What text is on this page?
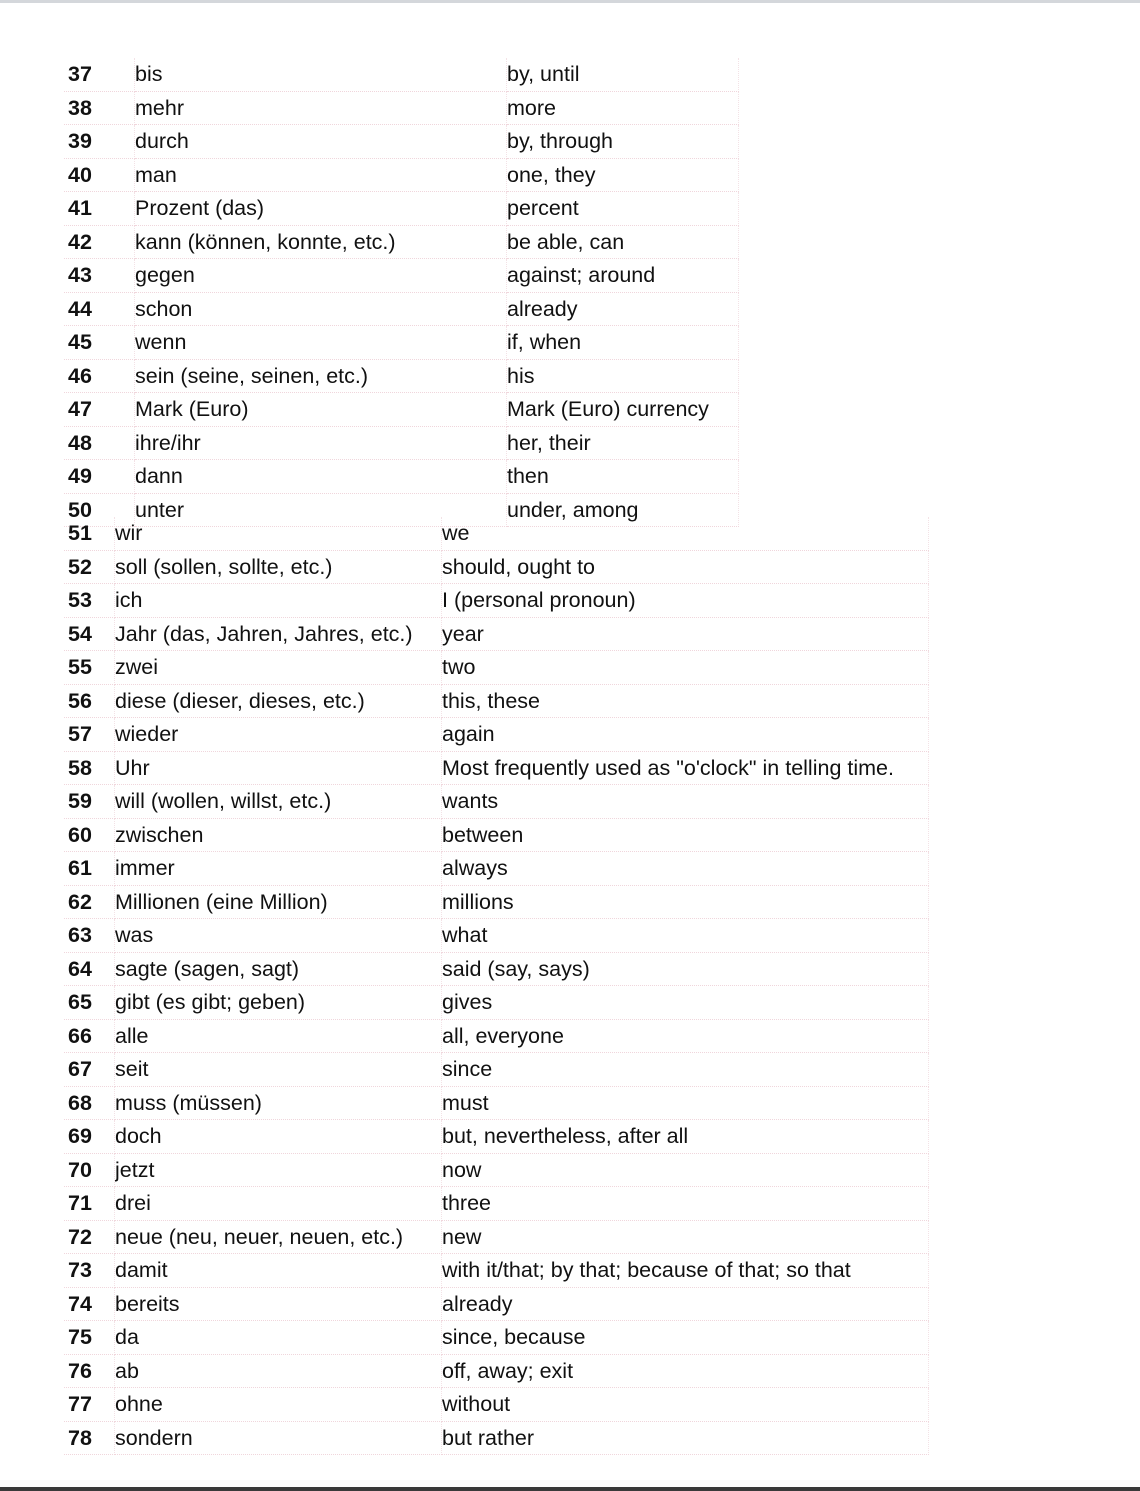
37	bis	by, until
38	mehr	more
39	durch	by, through
40	man	one, they
41	Prozent (das)	percent
42	kann (können, konnte, etc.)	be able, can
43	gegen	against; around
44	schon	already
45	wenn	if, when
46	sein (seine, seinen, etc.)	his
47	Mark (Euro)	Mark (Euro) currency
48	ihre/ihr	her, their
49	dann	then
50	unter	under, among
51	wir	we
52	soll (sollen, sollte, etc.)	should, ought to
53	ich	I (personal pronoun)
54	Jahr (das, Jahren, Jahres, etc.)	year
55	zwei	two
56	diese (dieser, dieses, etc.)	this, these
57	wieder	again
58	Uhr	Most frequently used as "o'clock" in telling time.
59	will (wollen, willst, etc.)	wants
60	zwischen	between
61	immer	always
62	Millionen (eine Million)	millions
63	was	what
64	sagte (sagen, sagt)	said (say, says)
65	gibt (es gibt; geben)	gives
66	alle	all, everyone
67	seit	since
68	muss (müssen)	must
69	doch	but, nevertheless, after all
70	jetzt	now
71	drei	three
72	neue (neu, neuer, neuen, etc.)	new
73	damit	with it/that; by that; because of that; so that
74	bereits	already
75	da	since, because
76	ab	off, away; exit
77	ohne	without
78	sondern	but rather
